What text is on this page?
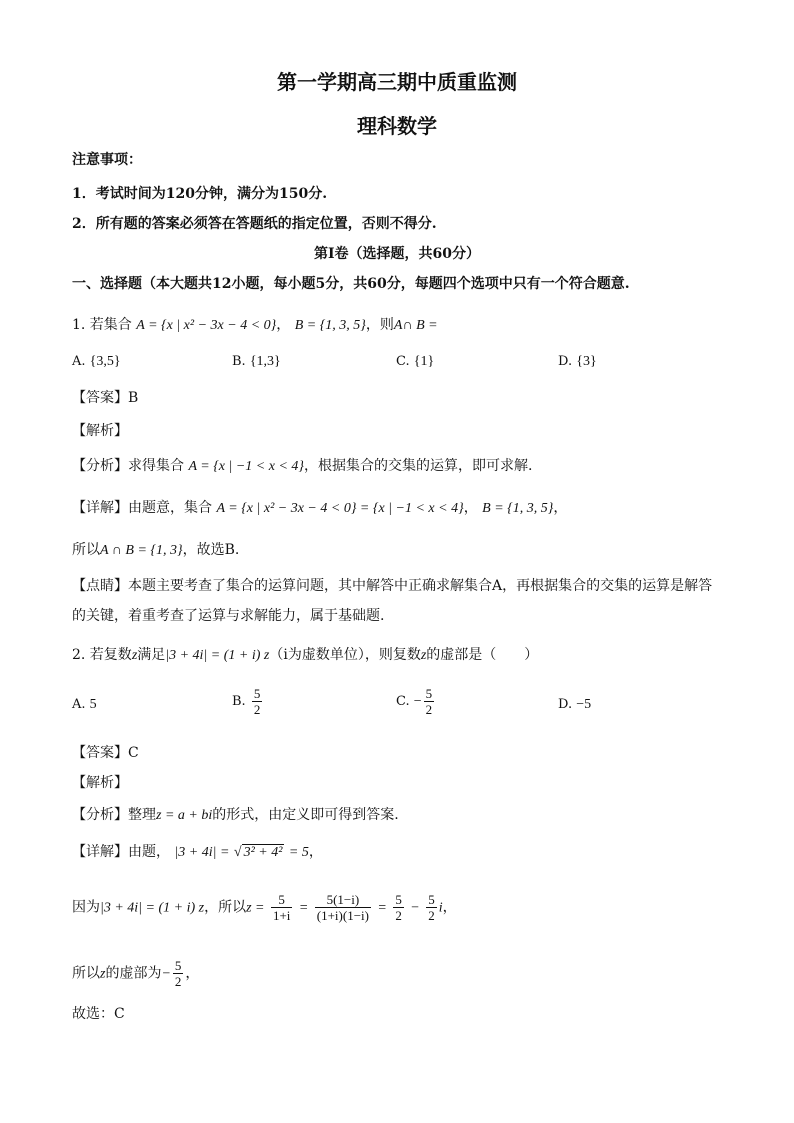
第一学期高三期中质重监测
理科数学
注意事项：
1．考试时间为120分钟，满分为150分.
2．所有题的答案必须答在答题纸的指定位置，否则不得分.
第Ⅰ卷（选择题，共60分）
一、选择题（本大题共12小题，每小题5分，共60分，每题四个选项中只有一个符合题意.
1. 若集合 A = {x | x² − 3x − 4 < 0}， B = {1, 3, 5}，则A∩ B =
A. {3,5}	B. {1,3}	C. {1}	D. {3}
【答案】B
【解析】
【分析】求得集合 A = {x | −1 < x < 4}，根据集合的交集的运算，即可求解.
【详解】由题意，集合 A = {x | x² − 3x − 4 < 0} = {x | −1 < x < 4}， B = {1, 3, 5}，
所以A ∩ B = {1, 3}，故选B.
【点睛】本题主要考查了集合的运算问题，其中解答中正确求解集合A，再根据集合的交集的运算是解答
的关键，着重考查了运算与求解能力，属于基础题.
2. 若复数z满足|3 + 4i| = (1 + i) z（i为虚数单位），则复数z的虚部是（　　）
A. 5	B. $\frac{5}{2}$	C. − $\frac{5}{2}$	D. −5
【答案】C
【解析】
【分析】整理z = a + bi的形式，由定义即可得到答案.
【详解】由题， |3 + 4i| = √ 3² + 4² = 5，
因为|3 + 4i| = (1 + i) z，所以$z = \frac{5}{1+i} = \frac{5(1-i)}{(1+i)(1-i)} = \frac{5}{2} - \frac{5}{2}$ i，
所以z的虚部为− $\frac{5}{2}$ ，
故选：C
